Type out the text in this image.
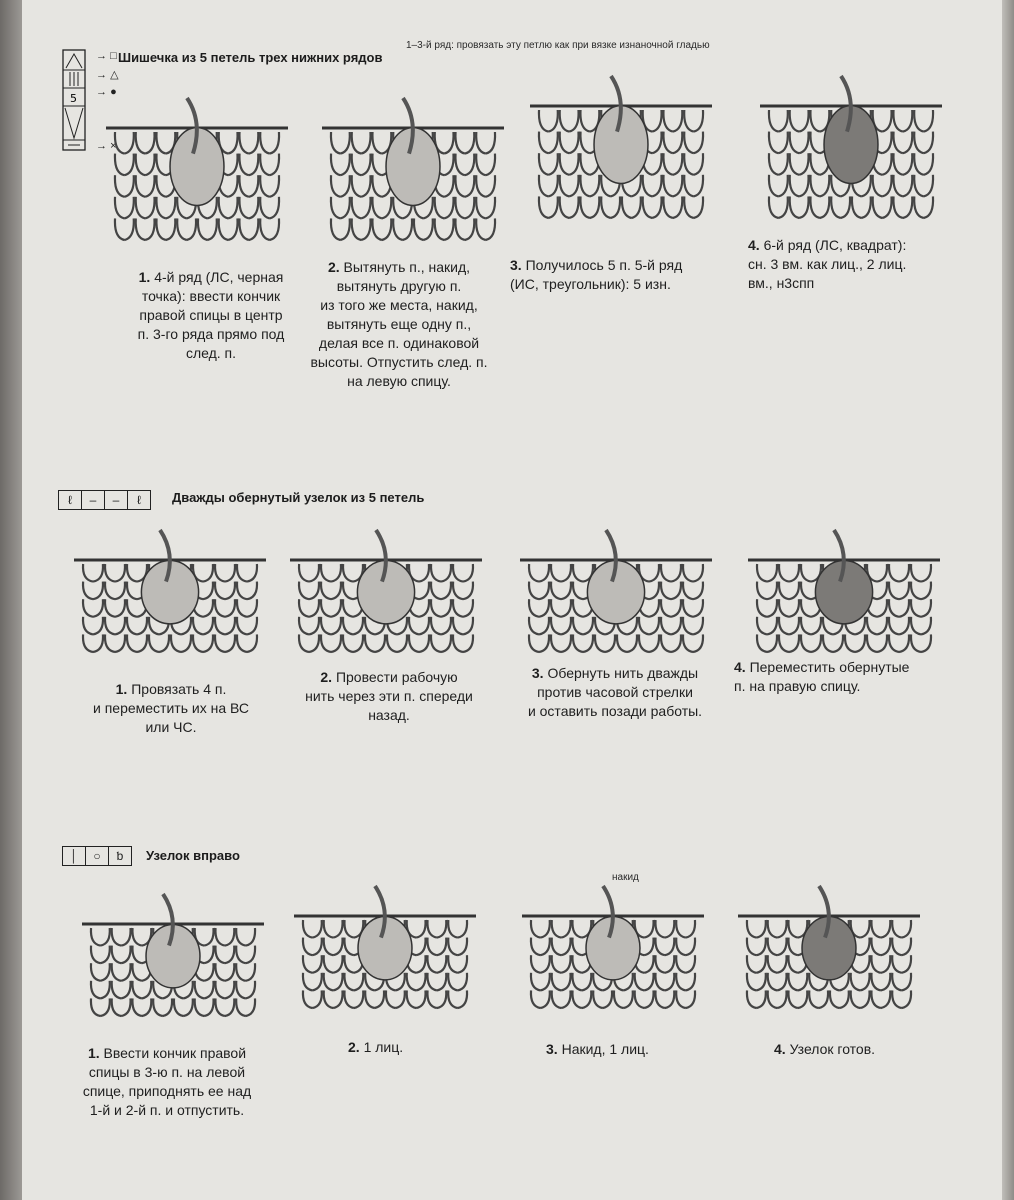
5
→ □
→ △
→ ●
→ ×
Шишечка из 5 петель трех нижних рядов
1–3-й ряд: провязать эту петлю как при вязке изнаночной гладью
1. 4-й ряд (ЛС, черная
точка): ввести кончик
правой спицы в центр
п. 3-го ряда прямо под
след. п.
2. Вытянуть п., накид,
вытянуть другую п.
из того же места, накид,
вытянуть еще одну п.,
делая все п. одинаковой
высоты. Отпустить след. п.
на левую спицу.
3. Получилось 5 п. 5-й ряд
(ИС, треугольник): 5 изн.
4. 6-й ряд (ЛС, квадрат):
сн. 3 вм. как лиц., 2 лиц.
вм., н3спп
ℓ	–	–	ℓ	Дважды обернутый узелок из 5 петель
1. Провязать 4 п.
и переместить их на ВС
или ЧС.
2. Провести рабочую
нить через эти п. спереди
назад.
3. Обернуть нить дважды
против часовой стрелки
и оставить позади работы.
4. Переместить обернутые
п. на правую спицу.
│	○	ƅ	Узелок вправо
накид
1. Ввести кончик правой
спицы в 3-ю п. на левой
спице, приподнять ее над
1-й и 2-й п. и отпустить.
2. 1 лиц.	3. Накид, 1 лиц.	4. Узелок готов.
